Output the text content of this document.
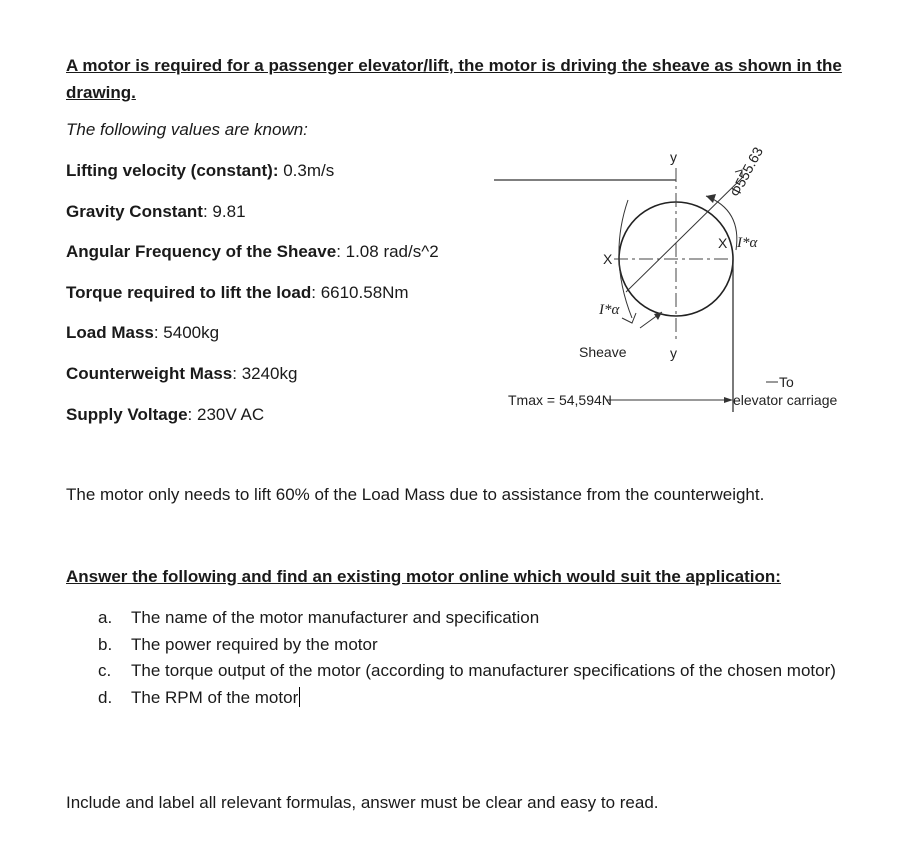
A motor is required for a passenger elevator/lift, the motor is driving the sheave as shown in the drawing.
The following values are known:
Lifting velocity (constant): 0.3m/s
Gravity Constant: 9.81
Angular Frequency of the Sheave: 1.08 rad/s^2
Torque required to lift the load: 6610.58Nm
Load Mass: 5400kg
Counterweight Mass: 3240kg
Supply Voltage: 230V AC
y
y
X
X
Φ555.63
I*α
I*α
Sheave
Tmax = 54,594N
To
elevator carriage
The motor only needs to lift 60% of the Load Mass due to assistance from the counterweight.
Answer the following and find an existing motor online which would suit the application:
a.	The name of the motor manufacturer and specification
b.	The power required by the motor
c.	The torque output of the motor (according to manufacturer specifications of the chosen motor)
d.	The RPM of the motor
Include and label all relevant formulas, answer must be clear and easy to read.
